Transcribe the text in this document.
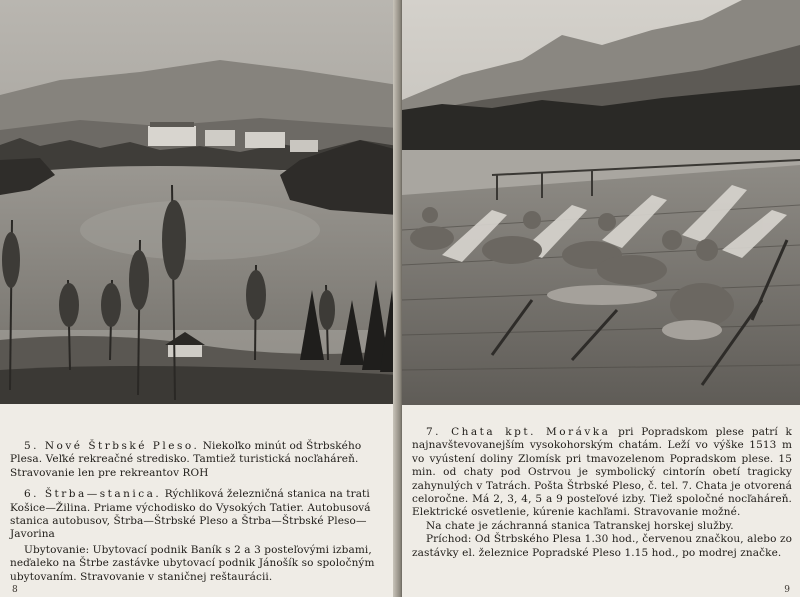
5. Nové Štrbské Pleso. Niekoľko minút od Štrbského Plesa. Veľké rekreačné stredisko. Tamtiež turistická nocľaháreň. Stravovanie len pre rekreantov ROH

6. Štrba—stanica. Rýchliková železničná stanica na trati Košice—Žilina. Priame východisko do Vysokých Tatier. Autobusová stanica autobusov, Štrba—Štrbské Pleso a Štrba—Štrbské Pleso—Javorina

Ubytovanie: Ubytovací podnik Baník s 2 a 3 posteľovými izbami, neďaleko na Štrbe zastávke ubytovací podnik Jánošík so spoločným ubytovaním. Stravovanie v staničnej reštaurácii.

8

7. Chata kpt. Morávka pri Popradskom plese patrí k najnavštevovanejším vysokohorským chatám. Leží vo výške 1513 m vo vyústení doliny Zlomísk pri tmavozelenom Popradskom plese. 15 min. od chaty pod Ostrvou je symbolický cintorín obetí tragicky zahynulých v Tatrách. Pošta Štrbské Pleso, č. tel. 7. Chata je otvorená celoročne. Má 2, 3, 4, 5 a 9 posteľové izby. Tiež spoločné nocľaháreň. Elektrické osvetlenie, kúrenie kachľami. Stravovanie možné.

Na chate je záchranná stanica Tatranskej horskej služby.

Príchod: Od Štrbského Plesa 1.30 hod., červenou značkou, alebo zo zastávky el. železnice Popradské Pleso 1.15 hod., po modrej značke.

9
